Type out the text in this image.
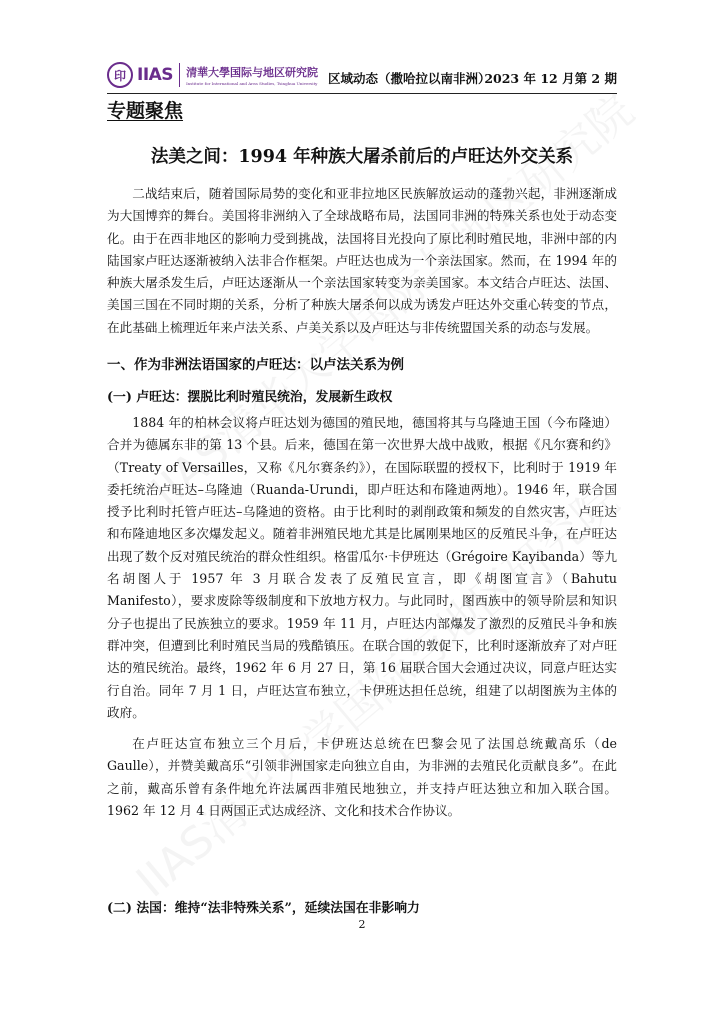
印 IIAS 清華大學国际与地区研究院
Institute for International and Area Studies, Tsinghua University 区域动态（撒哈拉以南非洲）
2023 年 12 月第 2 期
专题聚焦
法美之间：1994 年种族大屠杀前后的卢旺达外交关系

二战结束后，随着国际局势的变化和亚非拉地区民族解放运动的蓬勃兴起，非洲逐渐成为大国博弈的舞台。美国将非洲纳入了全球战略布局，法国同非洲的特殊关系也处于动态变化。由于在西非地区的影响力受到挑战，法国将目光投向了原比利时殖民地，非洲中部的内陆国家卢旺达逐渐被纳入法非合作框架。卢旺达也成为一个亲法国家。然而，在 1994 年的种族大屠杀发生后，卢旺达逐渐从一个亲法国家转变为亲美国家。本文结合卢旺达、法国、美国三国在不同时期的关系，分析了种族大屠杀何以成为诱发卢旺达外交重心转变的节点，在此基础上梳理近年来卢法关系、卢美关系以及卢旺达与非传统盟国关系的动态与发展。

一、作为非洲法语国家的卢旺达：以卢法关系为例
(一) 卢旺达：摆脱比利时殖民统治，发展新生政权

1884 年的柏林会议将卢旺达划为德国的殖民地，德国将其与乌隆迪王国（今布隆迪）合并为德属东非的第 13 个县。后来，德国在第一次世界大战中战败，根据《凡尔赛和约》（Treaty of Versailles，又称《凡尔赛条约》），在国际联盟的授权下，比利时于 1919 年委托统治卢旺达–乌隆迪（Ruanda-Urundi，即卢旺达和布隆迪两地）。1946 年，联合国授予比利时托管卢旺达–乌隆迪的资格。由于比利时的剥削政策和频发的自然灾害，卢旺达和布隆迪地区多次爆发起义。随着非洲殖民地尤其是比属刚果地区的反殖民斗争，在卢旺达出现了数个反对殖民统治的群众性组织。格雷瓜尔·卡伊班达（Grégoire Kayibanda）等九名胡图人于 1957 年 3 月联合发表了反殖民宣言，即《胡图宣言》（Bahutu Manifesto），要求废除等级制度和下放地方权力。与此同时，图西族中的领导阶层和知识分子也提出了民族独立的要求。1959 年 11 月，卢旺达内部爆发了激烈的反殖民斗争和族群冲突，但遭到比利时殖民当局的残酷镇压。在联合国的敦促下，比利时逐渐放弃了对卢旺达的殖民统治。最终，1962 年 6 月 27 日，第 16 届联合国大会通过决议，同意卢旺达实行自治。同年 7 月 1 日，卢旺达宣布独立，卡伊班达担任总统，组建了以胡图族为主体的政府。

在卢旺达宣布独立三个月后，卡伊班达总统在巴黎会见了法国总统戴高乐（de Gaulle），并赞美戴高乐“引领非洲国家走向独立自由，为非洲的去殖民化贡献良多”。在此之前，戴高乐曾有条件地允许法属西非殖民地独立，并支持卢旺达独立和加入联合国。1962 年 12 月 4 日两国正式达成经济、文化和技术合作协议。

(二) 法国：维持“法非特殊关系”，延续法国在非影响力
2
